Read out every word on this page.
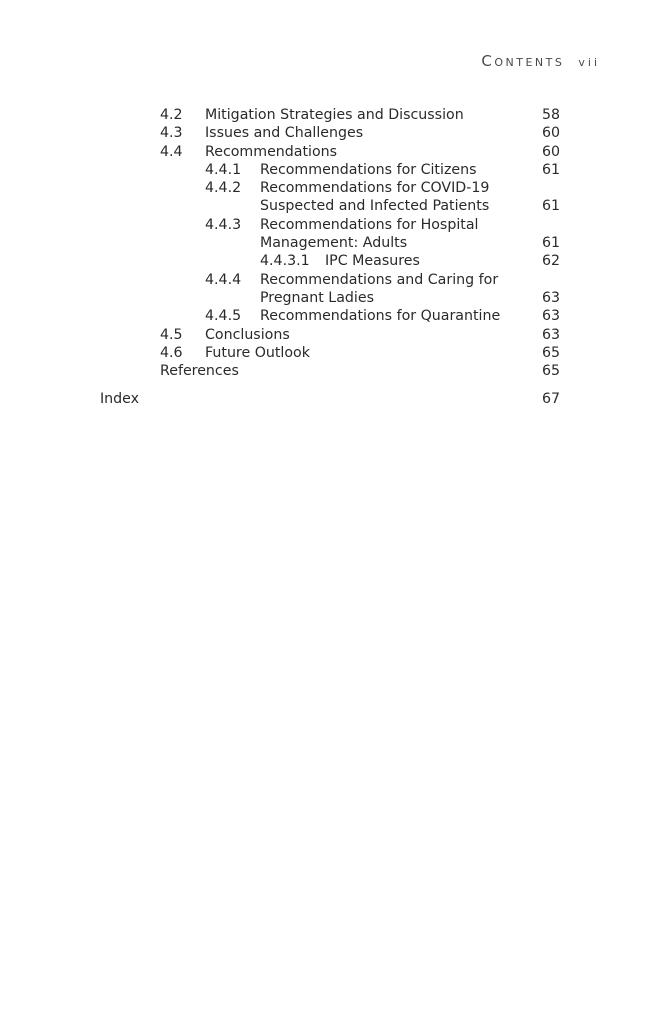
CONTENTS vii
4.2 Mitigation Strategies and Discussion	58
4.3 Issues and Challenges	60
4.4 Recommendations	60
4.4.1 Recommendations for Citizens	61
4.4.2 Recommendations for COVID-19
Suspected and Infected Patients	61
4.4.3 Recommendations for Hospital
Management: Adults	61
4.4.3.1 IPC Measures	62
4.4.4 Recommendations and Caring for
Pregnant Ladies	63
4.4.5 Recommendations for Quarantine	63
4.5 Conclusions	63
4.6 Future Outlook	65
References	65
Index	67
